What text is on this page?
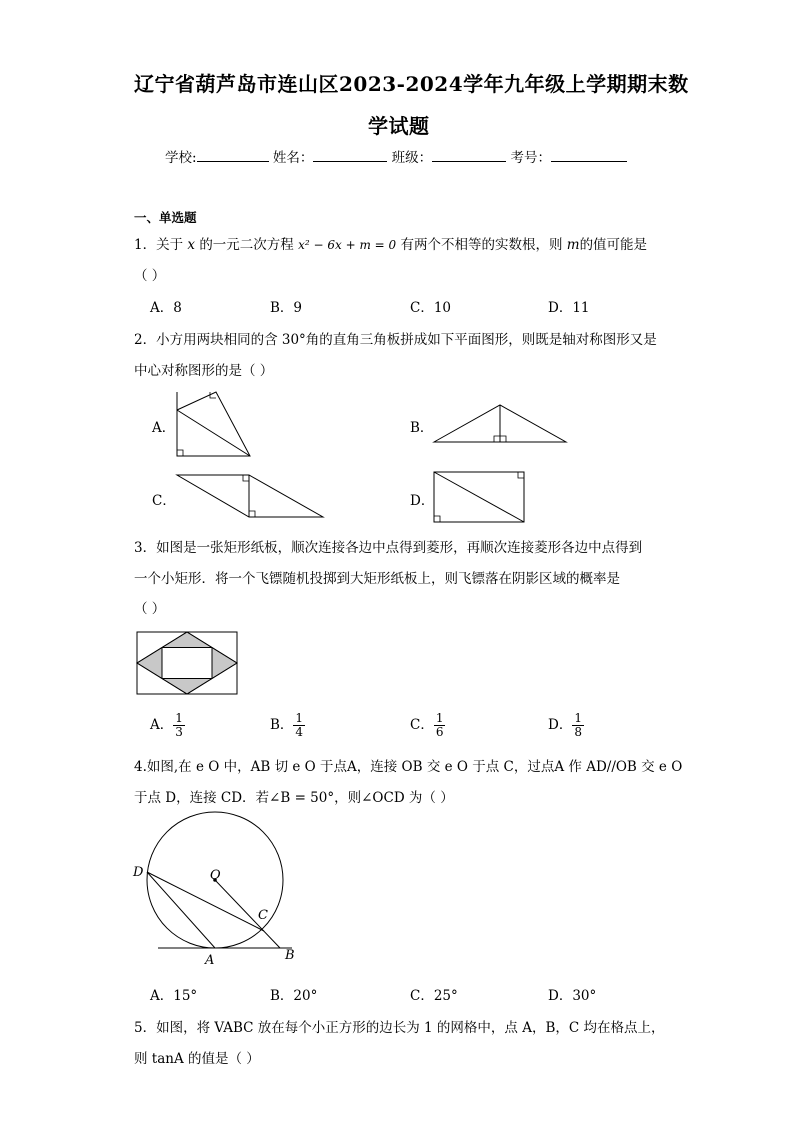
辽宁省葫芦岛市连山区2023-2024学年九年级上学期期末数
学试题
学校:	姓名：	班级：	考号：
一、单选题
1．关于 x 的一元二次方程 x² − 6x + m = 0 有两个不相等的实数根，则 m的值可能是
（ ）
A．8	B．9	C．10	D．11
2．小方用两块相同的含 30°角的直角三角板拼成如下平面图形，则既是轴对称图形又是
中心对称图形的是（ ）
A．	B．
C．	D．
3．如图是一张矩形纸板，顺次连接各边中点得到菱形，再顺次连接菱形各边中点得到
一个小矩形．将一个飞镖随机投掷到大矩形纸板上，则飞镖落在阴影区域的概率是
（ ）
A． $\frac{1}{3}$	B． $\frac{1}{4}$	C． $\frac{1}{6}$	D． $\frac{1}{8}$
4.如图,在 e O 中，AB 切 e O 于点A，连接 OB 交 e O 于点 C，过点A 作 AD//OB 交 e O
于点 D，连接 CD．若∠B = 50°，则∠OCD 为（ ）
D	O
C
A	B
A．15°	B．20°	C．25°	D．30°
5．如图，将 VABC 放在每个小正方形的边长为 1 的网格中，点 A，B，C 均在格点上，
则 tanA 的值是（ ）
